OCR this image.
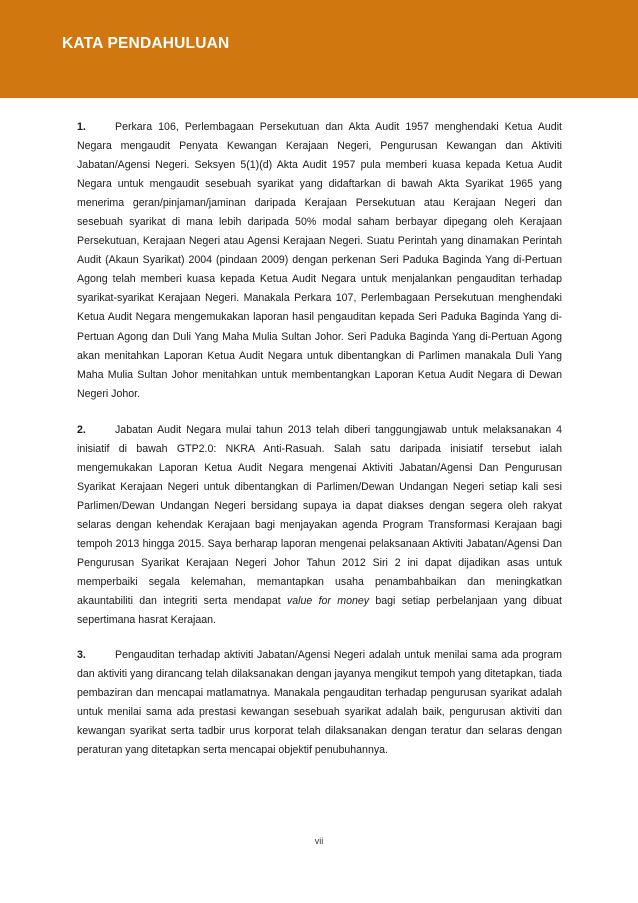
KATA PENDAHULUAN

1.	Perkara 106, Perlembagaan Persekutuan dan Akta Audit 1957 menghendaki Ketua Audit Negara mengaudit Penyata Kewangan Kerajaan Negeri, Pengurusan Kewangan dan Aktiviti Jabatan/Agensi Negeri. Seksyen 5(1)(d) Akta Audit 1957 pula memberi kuasa kepada Ketua Audit Negara untuk mengaudit sesebuah syarikat yang didaftarkan di bawah Akta Syarikat 1965 yang menerima geran/pinjaman/jaminan daripada Kerajaan Persekutuan atau Kerajaan Negeri dan sesebuah syarikat di mana lebih daripada 50% modal saham berbayar dipegang oleh Kerajaan Persekutuan, Kerajaan Negeri atau Agensi Kerajaan Negeri. Suatu Perintah yang dinamakan Perintah Audit (Akaun Syarikat) 2004 (pindaan 2009) dengan perkenan Seri Paduka Baginda Yang di-Pertuan Agong telah memberi kuasa kepada Ketua Audit Negara untuk menjalankan pengauditan terhadap syarikat-syarikat Kerajaan Negeri. Manakala Perkara 107, Perlembagaan Persekutuan menghendaki Ketua Audit Negara mengemukakan laporan hasil pengauditan kepada Seri Paduka Baginda Yang di-Pertuan Agong dan Duli Yang Maha Mulia Sultan Johor. Seri Paduka Baginda Yang di-Pertuan Agong akan menitahkan Laporan Ketua Audit Negara untuk dibentangkan di Parlimen manakala Duli Yang Maha Mulia Sultan Johor menitahkan untuk membentangkan Laporan Ketua Audit Negara di Dewan Negeri Johor.

2.	Jabatan Audit Negara mulai tahun 2013 telah diberi tanggungjawab untuk melaksanakan 4 inisiatif di bawah GTP2.0: NKRA Anti-Rasuah. Salah satu daripada inisiatif tersebut ialah mengemukakan Laporan Ketua Audit Negara mengenai Aktiviti Jabatan/Agensi Dan Pengurusan Syarikat Kerajaan Negeri untuk dibentangkan di Parlimen/Dewan Undangan Negeri setiap kali sesi Parlimen/Dewan Undangan Negeri bersidang supaya ia dapat diakses dengan segera oleh rakyat selaras dengan kehendak Kerajaan bagi menjayakan agenda Program Transformasi Kerajaan bagi tempoh 2013 hingga 2015. Saya berharap laporan mengenai pelaksanaan Aktiviti Jabatan/Agensi Dan Pengurusan Syarikat Kerajaan Negeri Johor Tahun 2012 Siri 2 ini dapat dijadikan asas untuk memperbaiki segala kelemahan, memantapkan usaha penambahbaikan dan meningkatkan akauntabiliti dan integriti serta mendapat value for money bagi setiap perbelanjaan yang dibuat sepertimana hasrat Kerajaan.

3.	Pengauditan terhadap aktiviti Jabatan/Agensi Negeri adalah untuk menilai sama ada program dan aktiviti yang dirancang telah dilaksanakan dengan jayanya mengikut tempoh yang ditetapkan, tiada pembaziran dan mencapai matlamatnya. Manakala pengauditan terhadap pengurusan syarikat adalah untuk menilai sama ada prestasi kewangan sesebuah syarikat adalah baik, pengurusan aktiviti dan kewangan syarikat serta tadbir urus korporat telah dilaksanakan dengan teratur dan selaras dengan peraturan yang ditetapkan serta mencapai objektif penubuhannya.

vii
